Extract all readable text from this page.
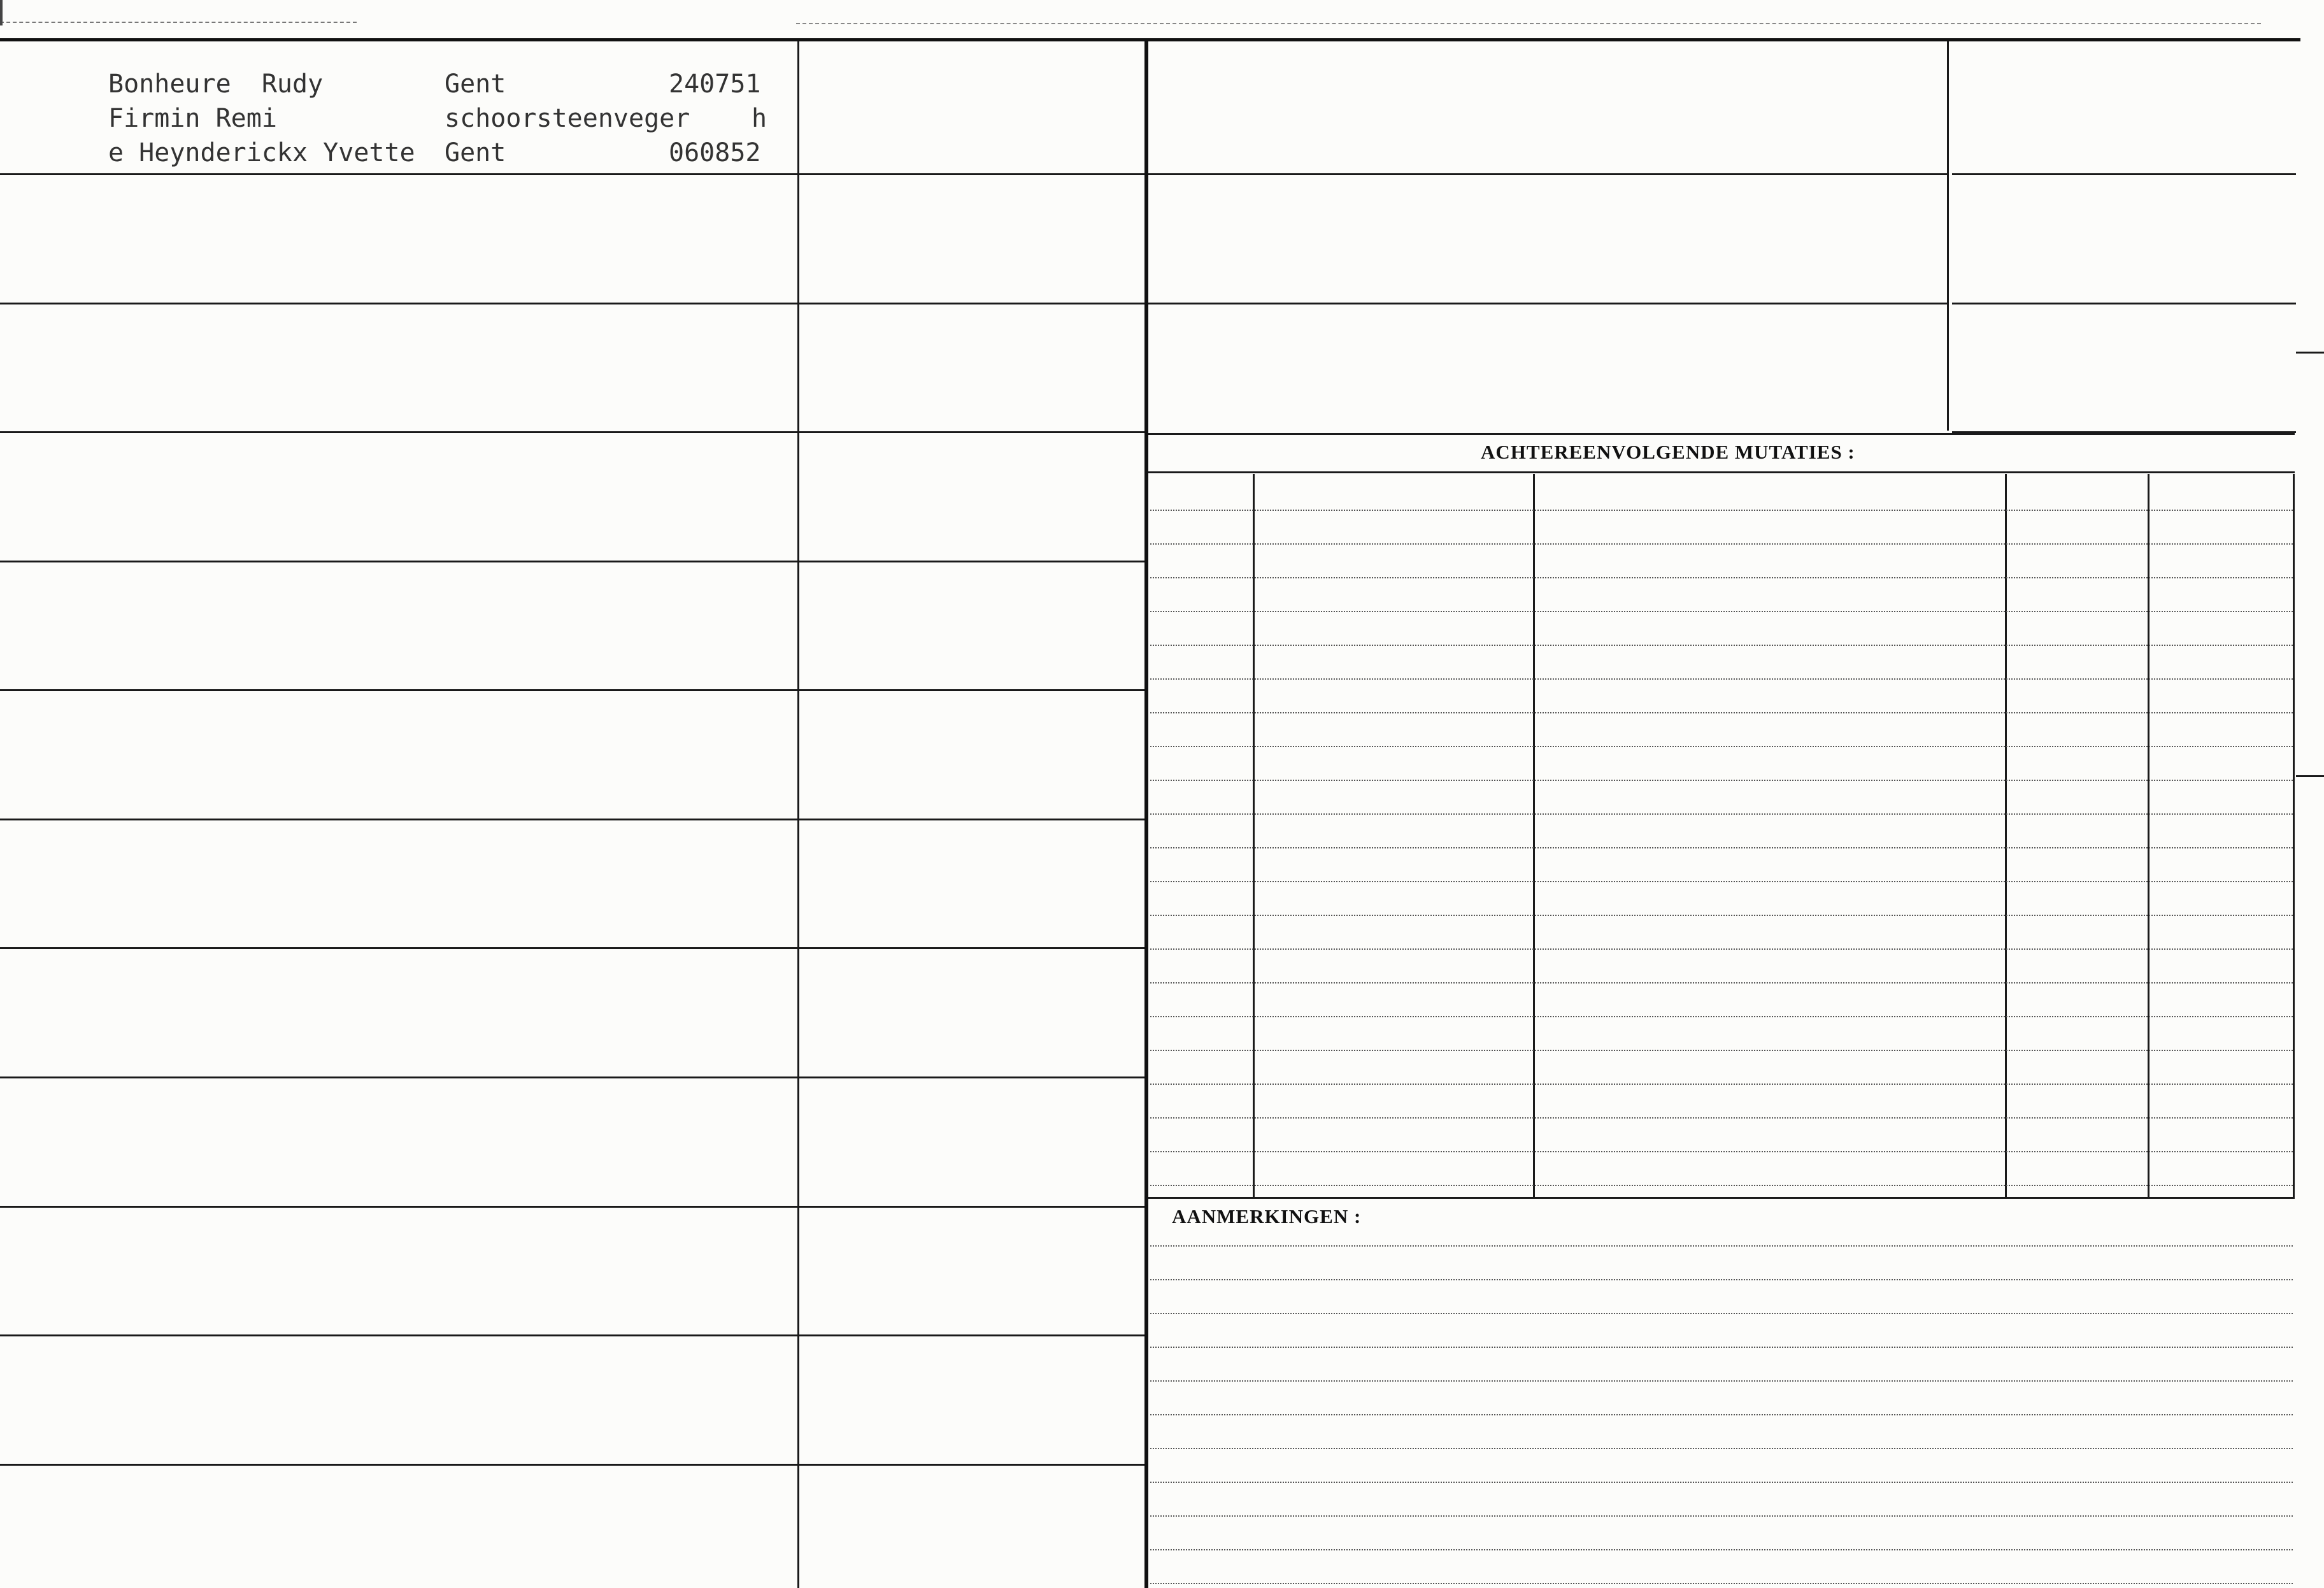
Bonheure  Rudy	Gent	240751
Firmin Remi	schoorsteenveger h
e Heynderickx Yvette Gent	060852
ACHTEREENVOLGENDE MUTATIES :
AANMERKINGEN :
